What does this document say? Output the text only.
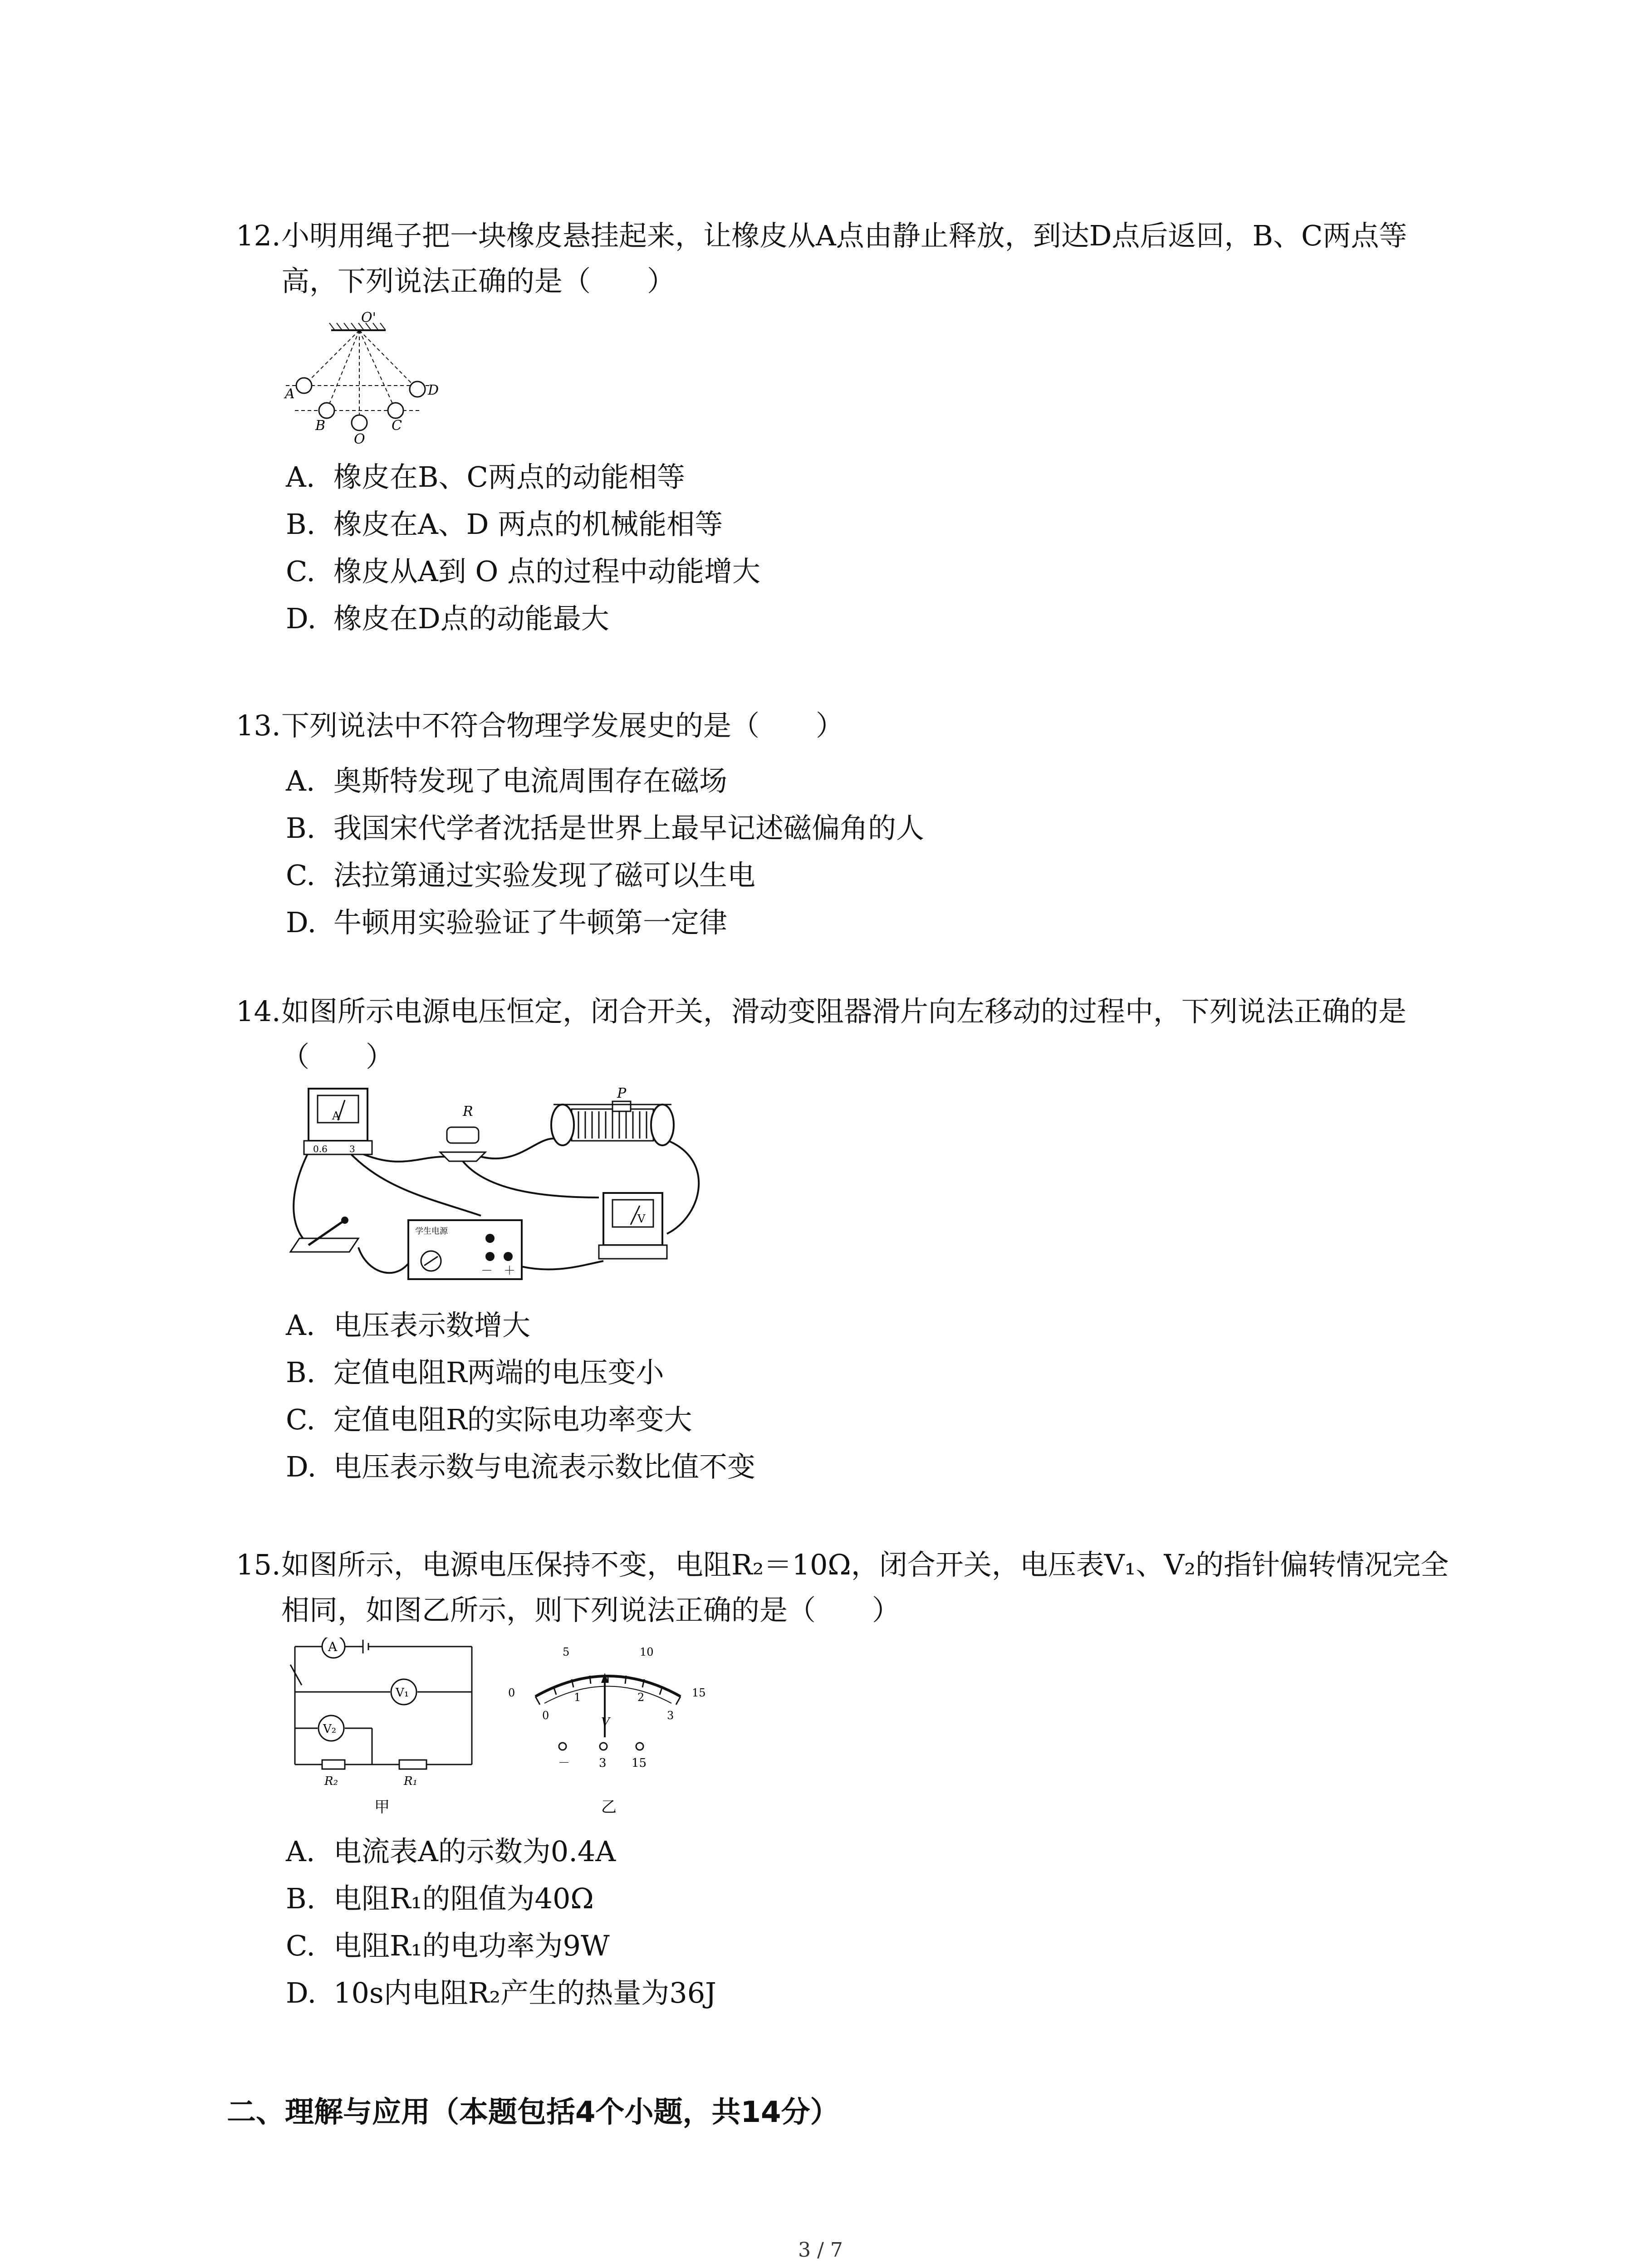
12. 小明用绳子把一块橡皮悬挂起来，让橡皮从A点由静止释放，到达D点后返回，B、C两点等高，下列说法正确的是（　　）

O'
A
B
O
C
D
A. 橡皮在B、C两点的动能相等
B. 橡皮在A、D 两点的机械能相等
C. 橡皮从A到 O 点的过程中动能增大
D. 橡皮在D点的动能最大

13. 下列说法中不符合物理学发展史的是（　　）

A. 奥斯特发现了电流周围存在磁场
B. 我国宋代学者沈括是世界上最早记述磁偏角的人
C. 法拉第通过实验发现了磁可以生电
D. 牛顿用实验验证了牛顿第一定律

14. 如图所示电源电压恒定，闭合开关，滑动变阻器滑片向左移动的过程中，下列说法正确的是（　　）

A
0.6 3
R
P
学生电源
－ ＋
V
A. 电压表示数增大
B. 定值电阻R两端的电压变小
C. 定值电阻R的实际电功率变大
D. 电压表示数与电流表示数比值不变

15. 如图所示，电源电压保持不变，电阻R₂＝10Ω，闭合开关，电压表V₁、V₂的指针偏转情况完全相同，如图乙所示，则下列说法正确的是（　　）

A
V₁
V₂
R₂	R₁
甲
0
5	10
15
0
1	2
3
V
－ 3 15
乙
A. 电流表A的示数为0.4A
B. 电阻R₁的阻值为40Ω
C. 电阻R₁的电功率为9W
D. 10s内电阻R₂产生的热量为36J
二、理解与应用（本题包括4个小题，共14分）
3 / 7
